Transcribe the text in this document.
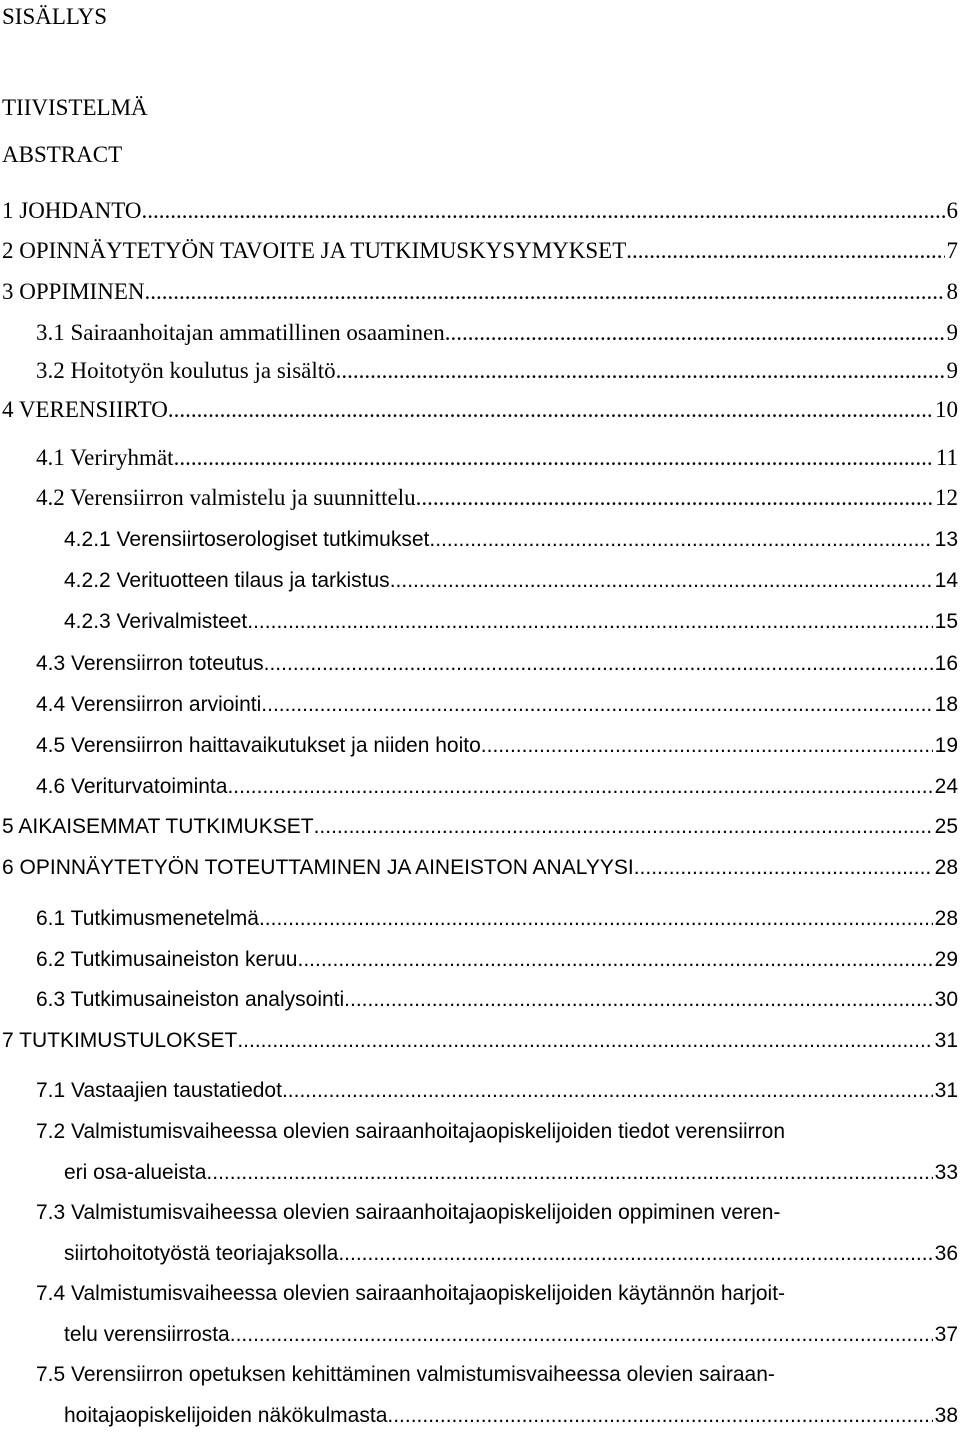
SISÄLLYS
TIIVISTELMÄ
ABSTRACT
1 JOHDANTO .....	6
2 OPINNÄYTETYÖN TAVOITE JA TUTKIMUSKYSYMYKSET .....	7
3 OPPIMINEN .....	8
3.1 Sairaanhoitajan ammatillinen osaaminen .....	9
3.2 Hoitotyön koulutus ja sisältö .....	9
4 VERENSIIRTO .....	10
4.1 Veriryhmät .....	11
4.2 Verensiirron valmistelu ja suunnittelu .....	12
4.2.1 Verensiirtoserologiset tutkimukset .....	13
4.2.2 Verituotteen tilaus ja tarkistus .....	14
4.2.3 Verivalmisteet .....	15
4.3 Verensiirron toteutus .....	16
4.4 Verensiirron arviointi .....	18
4.5 Verensiirron haittavaikutukset ja niiden hoito .....	19
4.6 Veriturvatoiminta .....	24
5 AIKAISEMMAT TUTKIMUKSET .....	25
6 OPINNÄYTETYÖN TOTEUTTAMINEN JA AINEISTON ANALYYSI .....	28
6.1 Tutkimusmenetelmä .....	28
6.2 Tutkimusaineiston keruu .....	29
6.3 Tutkimusaineiston analysointi .....	30
7 TUTKIMUSTULOKSET .....	31
7.1 Vastaajien taustatiedot .....	31
7.2 Valmistumisvaiheessa olevien sairaanhoitajaopiskelijoiden tiedot verensiirron
eri osa-alueista .....	33
7.3 Valmistumisvaiheessa olevien sairaanhoitajaopiskelijoiden oppiminen veren-
siirtohoitotyöstä teoriajaksolla .....	36
7.4 Valmistumisvaiheessa olevien sairaanhoitajaopiskelijoiden käytännön harjoit-
telu verensiirrosta .....	37
7.5 Verensiirron opetuksen kehittäminen valmistumisvaiheessa olevien sairaan-
hoitajaopiskelijoiden näkökulmasta .....	38
